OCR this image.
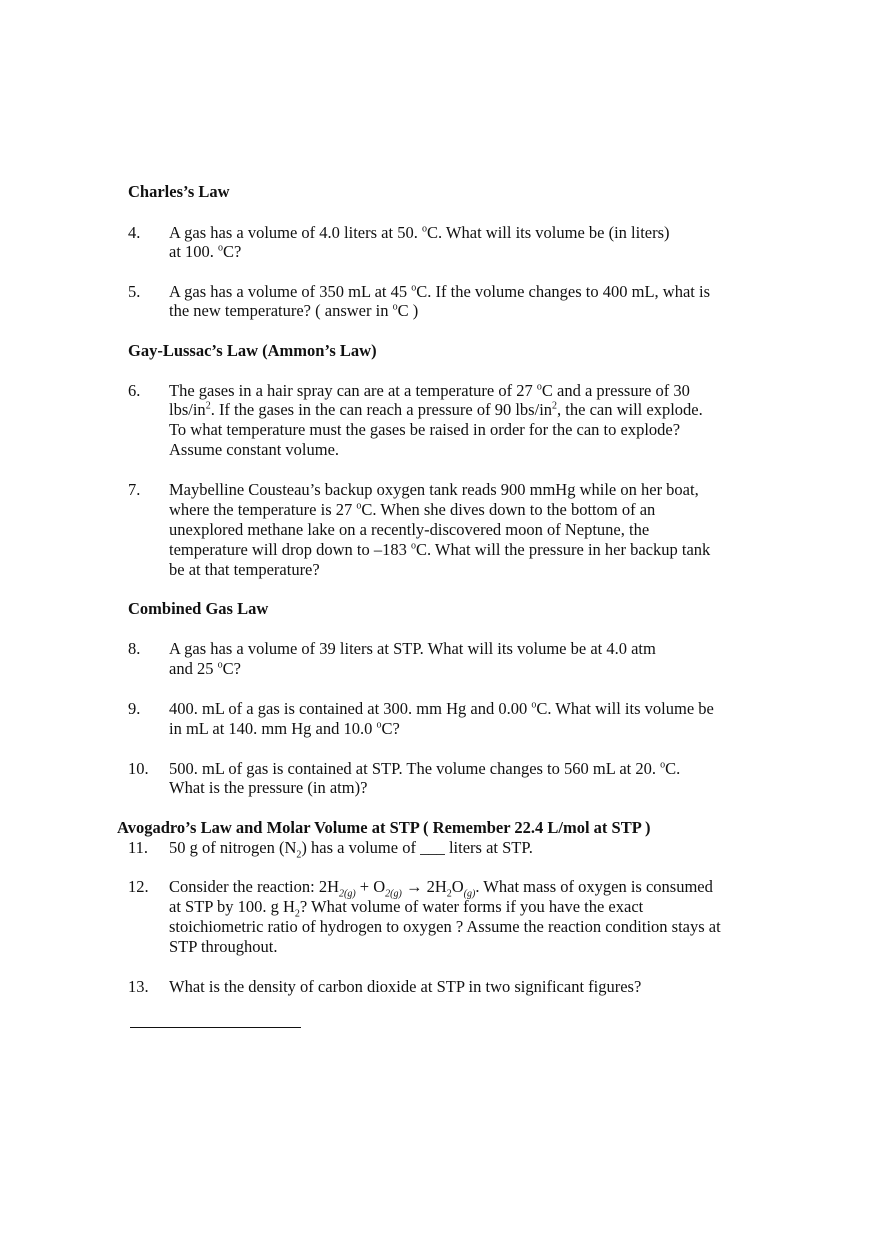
Charles’s Law
4. A gas has a volume of 4.0 liters at 50. $^o$C. What will its volume be (in liters)
at 100. $^o$C?
5. A gas has a volume of 350 mL at 45 $^o$C. If the volume changes to 400 mL, what is
the new temperature? ( answer in $^o$C )
Gay-Lussac’s Law (Ammon’s Law)
6. The gases in a hair spray can are at a temperature of 27 $^o$C and a pressure of 30
lbs/$in^2$. If the gases in the can reach a pressure of 90 lbs/$in^2$, the can will explode.
To what temperature must the gases be raised in order for the can to explode?
Assume constant volume.
7. Maybelline Cousteau’s backup oxygen tank reads 900 mmHg while on her boat,
where the temperature is 27 $^o$C. When she dives down to the bottom of an
unexplored methane lake on a recently-discovered moon of Neptune, the
temperature will drop down to –183 $^o$C. What will the pressure in her backup tank
be at that temperature?
Combined Gas Law
8. A gas has a volume of 39 liters at STP. What will its volume be at 4.0 atm
and 25 $^o$C?
9. 400. mL of a gas is contained at 300. mm Hg and 0.00 $^o$C. What will its volume be
in mL at 140. mm Hg and 10.0 $^o$C?
10. 500. mL of gas is contained at STP. The volume changes to 560 mL at 20. $^o$C.
What is the pressure (in atm)?
Avogadro’s Law and Molar Volume at STP ( Remember 22.4 L/mol at STP )
11. 50 g of nitrogen $(N_2)$ has a volume of ___ liters at STP.
12. Consider the reaction: $2H_{2(g)} + O_{2(g)} \to 2H_2O_{(g)}$. What mass of oxygen is consumed
at STP by 100. g $H_2$? What volume of water forms if you have the exact
stoichiometric ratio of hydrogen to oxygen ? Assume the reaction condition stays at
STP throughout.
13. What is the density of carbon dioxide at STP in two significant figures?
